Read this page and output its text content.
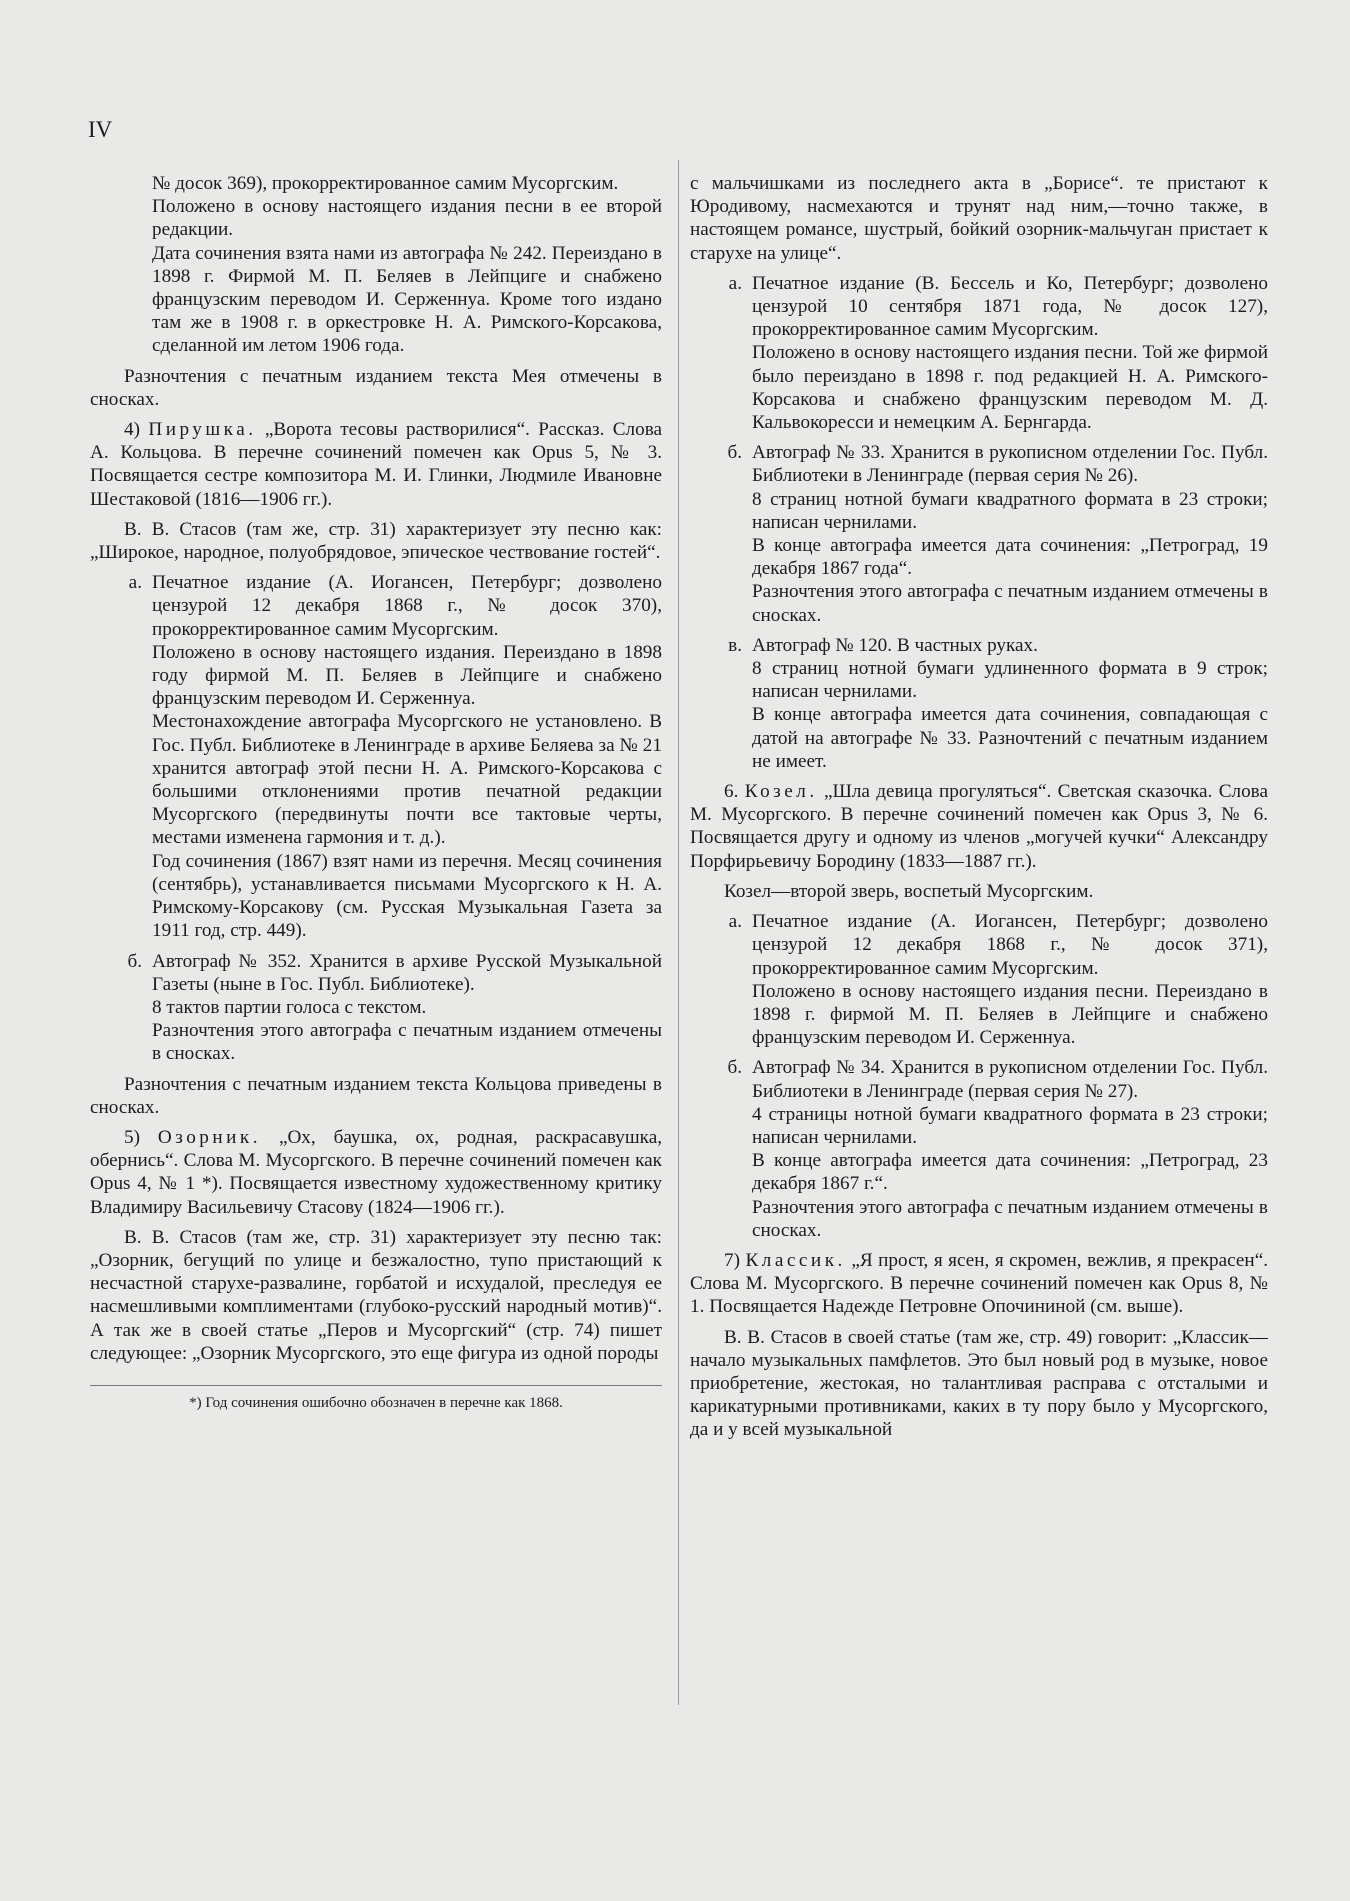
IV
№ досок 369), прокорректированное самим Мусоргским.
Положено в основу настоящего издания песни в ее второй редакции.
Дата сочинения взята нами из автографа № 242. Переиздано в 1898 г. Фирмой М. П. Беляев в Лейпциге и снабжено французским переводом И. Серженнуа. Кроме того издано там же в 1908 г. в оркестровке Н. А. Римского-Корсакова, сделанной им летом 1906 года.

Разночтения с печатным изданием текста Мея отмечены в сносках.

4) Пирушка. „Ворота тесовы растворилися“. Рассказ. Слова А. Кольцова. В перечне сочинений помечен как Opus 5, № 3. Посвящается сестре композитора М. И. Глинки, Людмиле Ивановне Шестаковой (1816—1906 гг.).

В. В. Стасов (там же, стр. 31) характеризует эту песню как: „Широкое, народное, полуобрядовое, эпическое чествование гостей“.

а. Печатное издание (А. Иогансен, Петербург; дозволено цензурой 12 декабря 1868 г., № досок 370), прокорректированное самим Мусоргским.
Положено в основу настоящего издания. Переиздано в 1898 году фирмой М. П. Беляев в Лейпциге и снабжено французским переводом И. Серженнуа.
Местонахождение автографа Мусоргского не установлено. В Гос. Публ. Библиотеке в Ленинграде в архиве Беляева за № 21 хранится автограф этой песни Н. А. Римского-Корсакова с большими отклонениями против печатной редакции Мусоргского (передвинуты почти все тактовые черты, местами изменена гармония и т. д.).
Год сочинения (1867) взят нами из перечня. Месяц сочинения (сентябрь), устанавливается письмами Мусоргского к Н. А. Римскому-Корсакову (см. Русская Музыкальная Газета за 1911 год, стр. 449).
б. Автограф № 352. Хранится в архиве Русской Музыкальной Газеты (ныне в Гос. Публ. Библиотеке).
8 тактов партии голоса с текстом.
Разночтения этого автографа с печатным изданием отмечены в сносках.

Разночтения с печатным изданием текста Кольцова приведены в сносках.

5) Озорник. „Ох, баушка, ох, родная, раскрасавушка, обернись“. Слова М. Мусоргского. В перечне сочинений помечен как Opus 4, № 1 *). Посвящается известному художественному критику Владимиру Васильевичу Стасову (1824—1906 гг.).

В. В. Стасов (там же, стр. 31) характеризует эту песню так: „Озорник, бегущий по улице и безжалостно, тупо пристающий к несчастной старухе-развалине, горбатой и исхудалой, преследуя ее насмешливыми комплиментами (глубоко-русский народный мотив)“. А так же в своей статье „Перов и Мусоргский“ (стр. 74) пишет следующее: „Озорник Мусоргского, это еще фигура из одной породы

*) Год сочинения ошибочно обозначен в перечне как 1868.

с мальчишками из последнего акта в „Борисе“. те пристают к Юродивому, насмехаются и трунят над ним,—точно также, в настоящем романсе, шустрый, бойкий озорник-мальчуган пристает к старухе на улице“.

а. Печатное издание (В. Бессель и Ко, Петербург; дозволено цензурой 10 сентября 1871 года, № досок 127), прокорректированное самим Мусоргским.
Положено в основу настоящего издания песни. Той же фирмой было переиздано в 1898 г. под редакцией Н. А. Римского-Корсакова и снабжено французским переводом М. Д. Кальвокоресси и немецким А. Бернгарда.
б. Автограф № 33. Хранится в рукописном отделении Гос. Публ. Библиотеки в Ленинграде (первая серия № 26).
8 страниц нотной бумаги квадратного формата в 23 строки; написан чернилами.
В конце автографа имеется дата сочинения: „Петроград, 19 декабря 1867 года“.
Разночтения этого автографа с печатным изданием отмечены в сносках.
в. Автограф № 120. В частных руках.
8 страниц нотной бумаги удлиненного формата в 9 строк; написан чернилами.
В конце автографа имеется дата сочинения, совпадающая с датой на автографе № 33. Разночтений с печатным изданием не имеет.

6. Козел. „Шла девица прогуляться“. Светская сказочка. Слова М. Мусоргского. В перечне сочинений помечен как Opus 3, № 6. Посвящается другу и одному из членов „могучей кучки“ Александру Порфирьевичу Бородину (1833—1887 гг.).

Козел—второй зверь, воспетый Мусоргским.

а. Печатное издание (А. Иогансен, Петербург; дозволено цензурой 12 декабря 1868 г., № досок 371), прокорректированное самим Мусоргским.
Положено в основу настоящего издания песни. Переиздано в 1898 г. фирмой М. П. Беляев в Лейпциге и снабжено французским переводом И. Серженнуа.
б. Автограф № 34. Хранится в рукописном отделении Гос. Публ. Библиотеки в Ленинграде (первая серия № 27).
4 страницы нотной бумаги квадратного формата в 23 строки; написан чернилами.
В конце автографа имеется дата сочинения: „Петроград, 23 декабря 1867 г.“.
Разночтения этого автографа с печатным изданием отмечены в сносках.

7) Классик. „Я прост, я ясен, я скромен, вежлив, я прекрасен“. Слова М. Мусоргского. В перечне сочинений помечен как Opus 8, № 1. Посвящается Надежде Петровне Опочининой (см. выше).

В. В. Стасов в своей статье (там же, стр. 49) говорит: „Классик—начало музыкальных памфлетов. Это был новый род в музыке, новое приобретение, жестокая, но талантливая расправа с отсталыми и карикатурными противниками, каких в ту пору было у Мусоргского, да и у всей музыкальной
